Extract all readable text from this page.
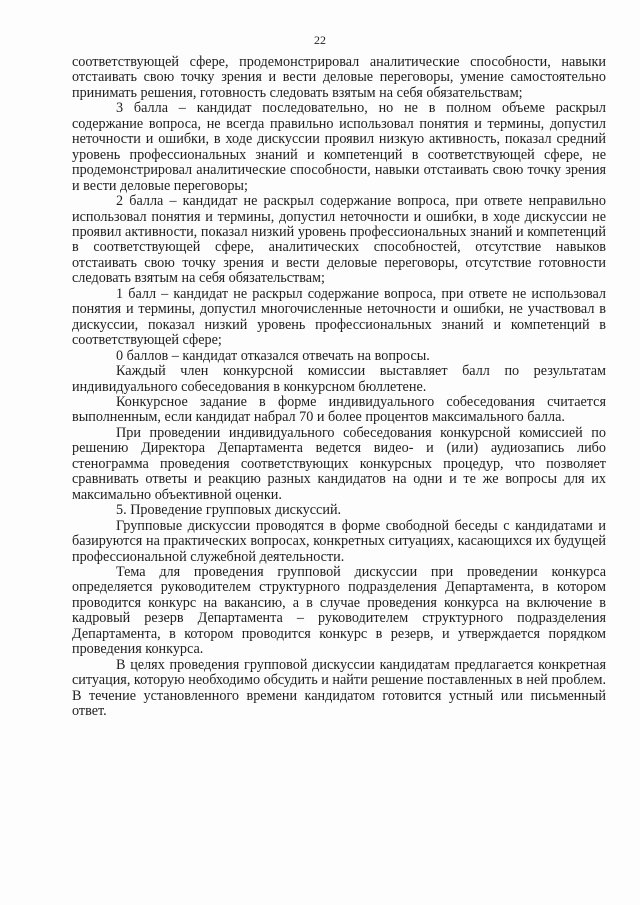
22

соответствующей сфере, продемонстрировал аналитические способности, навыки отстаивать свою точку зрения и вести деловые переговоры, умение самостоятельно принимать решения, готовность следовать взятым на себя обязательствам;

3 балла – кандидат последовательно, но не в полном объеме раскрыл содержание вопроса, не всегда правильно использовал понятия и термины, допустил неточности и ошибки, в ходе дискуссии проявил низкую активность, показал средний уровень профессиональных знаний и компетенций в соответствующей сфере, не продемонстрировал аналитические способности, навыки отстаивать свою точку зрения и вести деловые переговоры;

2 балла – кандидат не раскрыл содержание вопроса, при ответе неправильно использовал понятия и термины, допустил неточности и ошибки, в ходе дискуссии не проявил активности, показал низкий уровень профессиональных знаний и компетенций в соответствующей сфере, аналитических способностей, отсутствие навыков отстаивать свою точку зрения и вести деловые переговоры, отсутствие готовности следовать взятым на себя обязательствам;

1 балл – кандидат не раскрыл содержание вопроса, при ответе не использовал понятия и термины, допустил многочисленные неточности и ошибки, не участвовал в дискуссии, показал низкий уровень профессиональных знаний и компетенций в соответствующей сфере;

0 баллов – кандидат отказался отвечать на вопросы.

Каждый член конкурсной комиссии выставляет балл по результатам индивидуального собеседования в конкурсном бюллетене.

Конкурсное задание в форме индивидуального собеседования считается выполненным, если кандидат набрал 70 и более процентов максимального балла.

При проведении индивидуального собеседования конкурсной комиссией по решению Директора Департамента ведется видео- и (или) аудиозапись либо стенограмма проведения соответствующих конкурсных процедур, что позволяет сравнивать ответы и реакцию разных кандидатов на одни и те же вопросы для их максимально объективной оценки.

5. Проведение групповых дискуссий.

Групповые дискуссии проводятся в форме свободной беседы с кандидатами и базируются на практических вопросах, конкретных ситуациях, касающихся их будущей профессиональной служебной деятельности.

Тема для проведения групповой дискуссии при проведении конкурса определяется руководителем структурного подразделения Департамента, в котором проводится конкурс на вакансию, а в случае проведения конкурса на включение в кадровый резерв Департамента – руководителем структурного подразделения Департамента, в котором проводится конкурс в резерв, и утверждается порядком проведения конкурса.

В целях проведения групповой дискуссии кандидатам предлагается конкретная ситуация, которую необходимо обсудить и найти решение поставленных в ней проблем. В течение установленного времени кандидатом готовится устный или письменный ответ.
